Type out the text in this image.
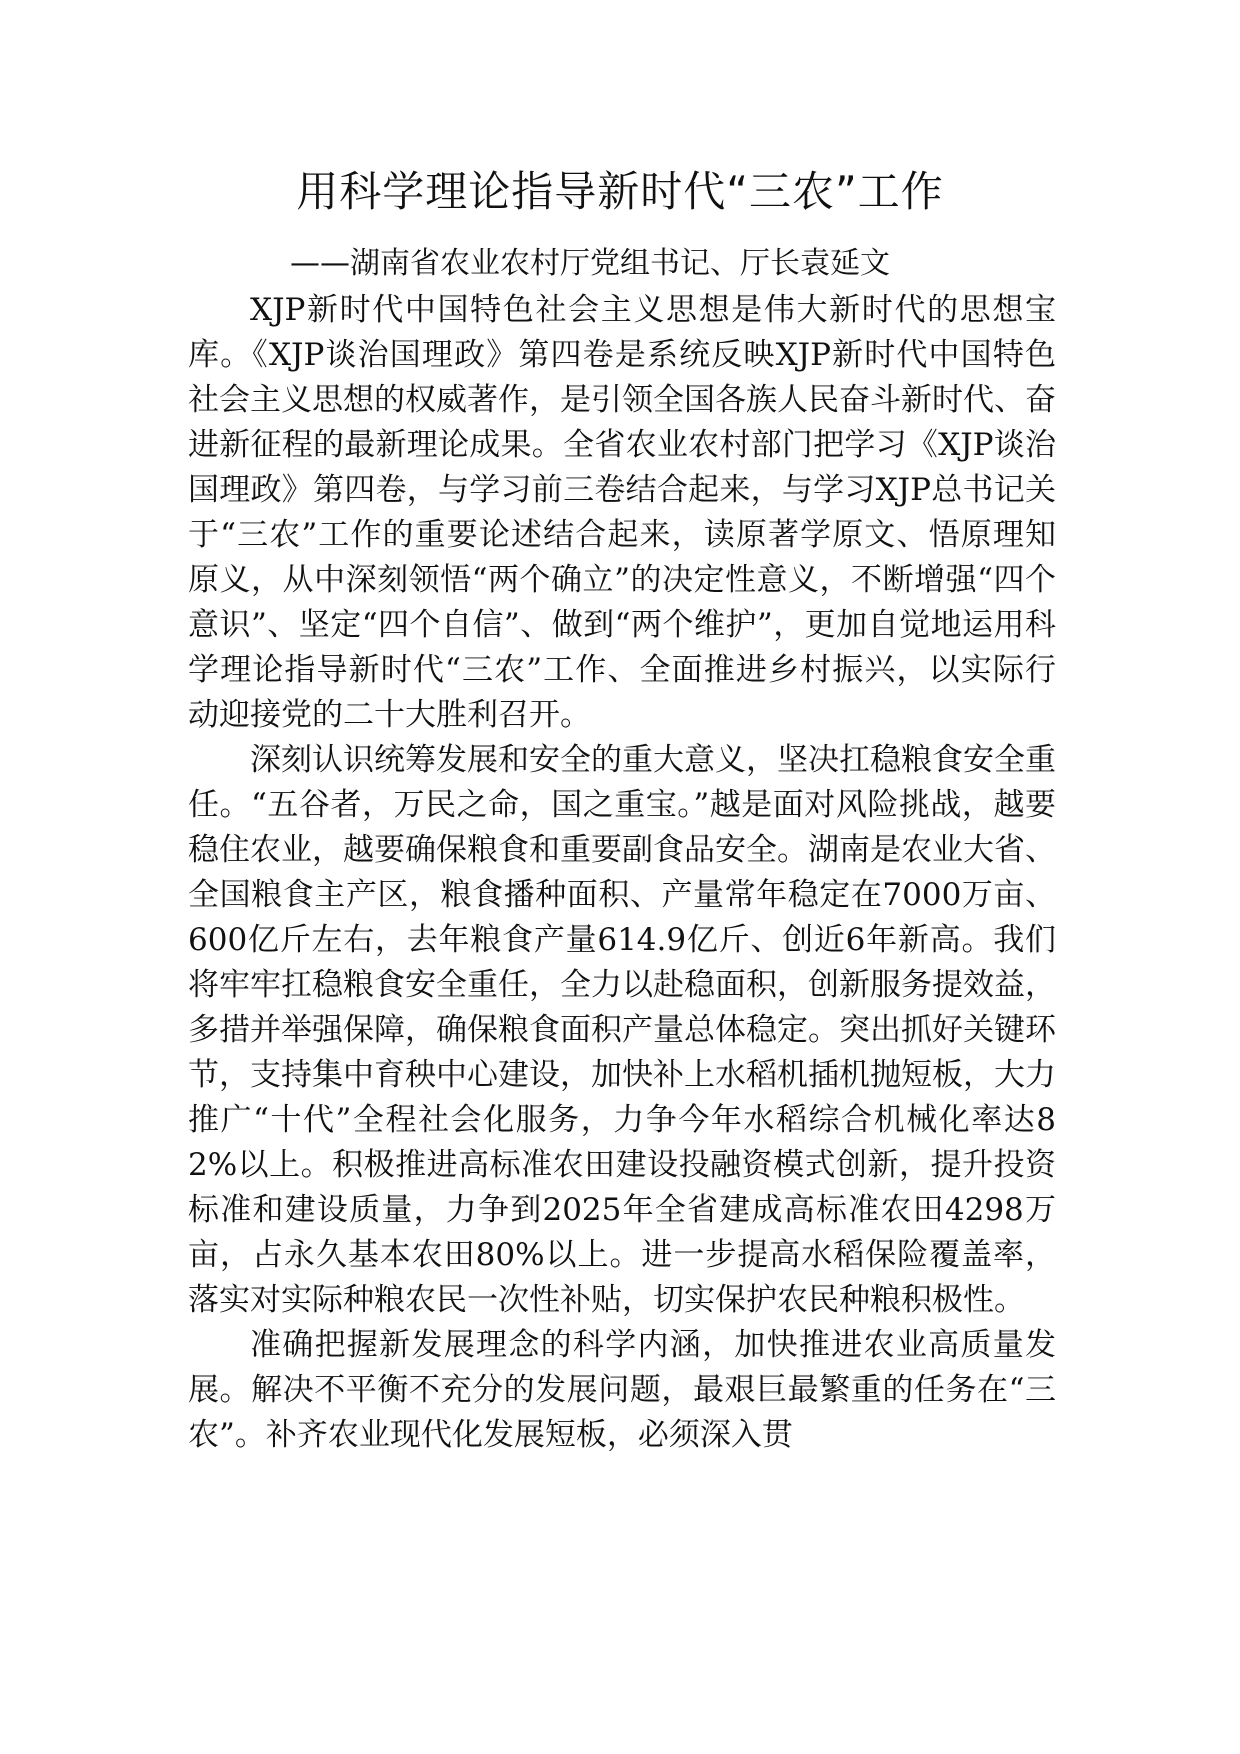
用科学理论指导新时代“三农”工作
——湖南省农业农村厅党组书记、厅长袁延文

XJP新时代中国特色社会主义思想是伟大新时代的思想宝库。《XJP谈治国理政》第四卷是系统反映XJP新时代中国特色社会主义思想的权威著作，是引领全国各族人民奋斗新时代、奋进新征程的最新理论成果。全省农业农村部门把学习《XJP谈治国理政》第四卷，与学习前三卷结合起来，与学习XJP总书记关于“三农”工作的重要论述结合起来，读原著学原文、悟原理知原义，从中深刻领悟“两个确立”的决定性意义，不断增强“四个意识”、坚定“四个自信”、做到“两个维护”，更加自觉地运用科学理论指导新时代“三农”工作、全面推进乡村振兴，以实际行动迎接党的二十大胜利召开。

深刻认识统筹发展和安全的重大意义，坚决扛稳粮食安全重任。“五谷者，万民之命，国之重宝。”越是面对风险挑战，越要稳住农业，越要确保粮食和重要副食品安全。湖南是农业大省、全国粮食主产区，粮食播种面积、产量常年稳定在7000万亩、600亿斤左右，去年粮食产量614.9亿斤、创近6年新高。我们将牢牢扛稳粮食安全重任，全力以赴稳面积，创新服务提效益，多措并举强保障，确保粮食面积产量总体稳定。突出抓好关键环节，支持集中育秧中心建设，加快补上水稻机插机抛短板，大力推广“十代”全程社会化服务，力争今年水稻综合机械化率达82%以上。积极推进高标准农田建设投融资模式创新，提升投资标准和建设质量，力争到2025年全省建成高标准农田4298万亩，占永久基本农田80%以上。进一步提高水稻保险覆盖率，落实对实际种粮农民一次性补贴，切实保护农民种粮积极性。

准确把握新发展理念的科学内涵，加快推进农业高质量发展。解决不平衡不充分的发展问题，最艰巨最繁重的任务在“三农”。补齐农业现代化发展短板，必须深入贯
